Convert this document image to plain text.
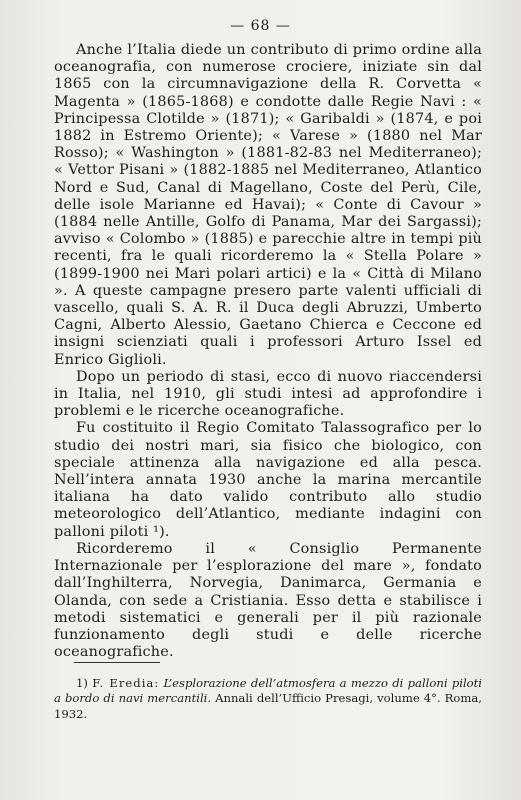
— 68 —

Anche l’Italia diede un contributo di primo ordine alla oceanografia, con numerose crociere, iniziate sin dal 1865 con la circumnavigazione della R. Corvetta « Magenta » (1865-1868) e condotte dalle Regie Navi : « Principessa Clotilde » (1871); « Garibaldi » (1874, e poi 1882 in Estremo Oriente); « Varese » (1880 nel Mar Rosso); « Washington » (1881-82-83 nel Mediterraneo); « Vettor Pisani » (1882-1885 nel Mediterraneo, Atlantico Nord e Sud, Canal di Magellano, Coste del Perù, Cile, delle isole Marianne ed Havai); « Conte di Cavour » (1884 nelle Antille, Golfo di Panama, Mar dei Sargassi); avviso « Colombo » (1885) e parecchie altre in tempi più recenti, fra le quali ricorderemo la « Stella Polare » (1899-1900 nei Mari polari artici) e la « Città di Milano ». A queste campagne presero parte valenti ufficiali di vascello, quali S. A. R. il Duca degli Abruzzi, Umberto Cagni, Alberto Alessio, Gaetano Chierca e Ceccone ed insigni scienziati quali i professori Arturo Issel ed Enrico Giglioli.

Dopo un periodo di stasi, ecco di nuovo riaccendersi in Italia, nel 1910, gli studi intesi ad approfondire i problemi e le ricerche oceanografiche.

Fu costituito il Regio Comitato Talassografico per lo studio dei nostri mari, sia fisico che biologico, con speciale attinenza alla navigazione ed alla pesca. Nell’intera annata 1930 anche la marina mercantile italiana ha dato valido contributo allo studio meteorologico dell’Atlantico, mediante indagini con palloni piloti ¹).

Ricorderemo il « Consiglio Permanente Internazionale per l’esplorazione del mare », fondato dall’Inghilterra, Norvegia, Danimarca, Germania e Olanda, con sede a Cristiania. Esso detta e stabilisce i metodi sistematici e generali per il più razionale funzionamento degli studi e delle ricerche oceanografiche.

1) F. Eredia: L’esplorazione dell’atmosfera a mezzo di palloni piloti a bordo di navi mercantili. Annali dell’Ufficio Presagi, volume 4°. Roma, 1932.
